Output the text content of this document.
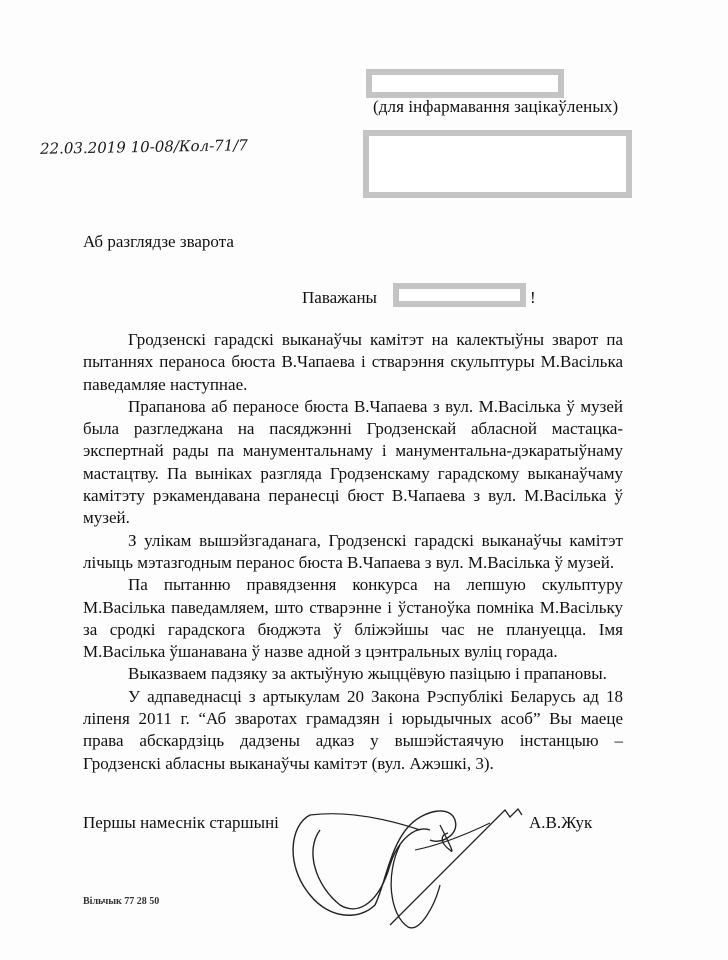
(для інфармавання зацікаўленых)
22.03.2019 10-08/Кол-71/7
Аб разглядзе зварота
Паважаны	!

Гродзенскі гарадскі выканаўчы камітэт на калектыўны зварот па пытаннях пераноса бюста В.Чапаева і стварэння скульптуры М.Васілька паведамляе наступнае.

Прапанова аб пераносе бюста В.Чапаева з вул. М.Васілька ў музей была разгледжана на пасяджэнні Гродзенскай абласной мастацка-экспертнай рады па манументальнаму і манументальна-дэкаратыўнаму мастацтву. Па выніках разгляда Гродзенскаму гарадскому выканаўчаму камітэту рэкамендавана перанесці бюст В.Чапаева з вул. М.Васілька ў музей.

З улікам вышэйзгаданага, Гродзенскі гарадскі выканаўчы камітэт лічыць мэтазгодным перанос бюста В.Чапаева з вул. М.Васілька ў музей.

Па пытанню правядзення конкурса на лепшую скульптуру М.Васілька паведамляем, што стварэнне і ўстаноўка помніка М.Васільку за сродкі гарадскога бюджэта ў бліжэйшы час не плануецца. Імя М.Васілька ўшанавана ў назве адной з цэнтральных вуліц горада.

Выказваем падзяку за актыўную жыццёвую пазіцыю і прапановы.

У адпаведнасці з артыкулам 20 Закона Рэспублікі Беларусь ад 18 ліпеня 2011 г. “Аб зваротах грамадзян і юрыдычных асоб” Вы маеце права абскардзіць дадзены адказ у вышэйстаячую інстанцыю – Гродзенскі абласны выканаўчы камітэт (вул. Ажэшкі, 3).

Першы намеснік старшыні	А.В.Жук
Вільчык 77 28 50
